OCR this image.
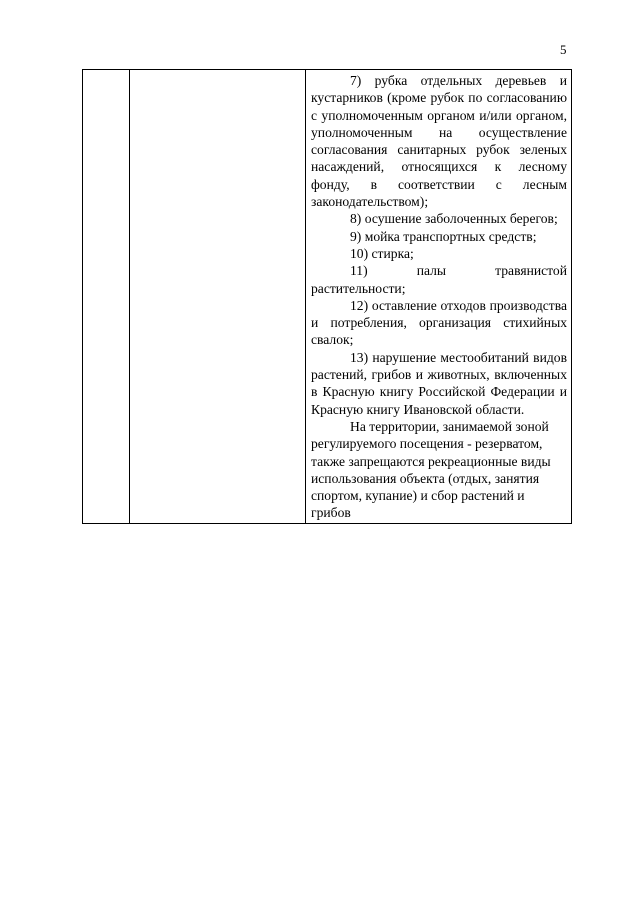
5

7) рубка отдельных деревьев и кустарников (кроме рубок по согласованию с уполномоченным органом и/или органом, уполномоченным на осуществление согласования санитарных рубок зеленых насаждений, относящихся к лесному фонду, в соответствии с лесным законодательством);

8) осушение заболоченных берегов;

9) мойка транспортных средств;

10) стирка;

11) палы травянистой растительности;

12) оставление отходов производства и потребления, организация стихийных свалок;

13) нарушение местообитаний видов растений, грибов и животных, включенных в Красную книгу Российской Федерации и Красную книгу Ивановской области.

На территории, занимаемой зоной регулируемого посещения - резерватом, также запрещаются рекреационные виды использования объекта (отдых, занятия спортом, купание) и сбор растений и грибов
